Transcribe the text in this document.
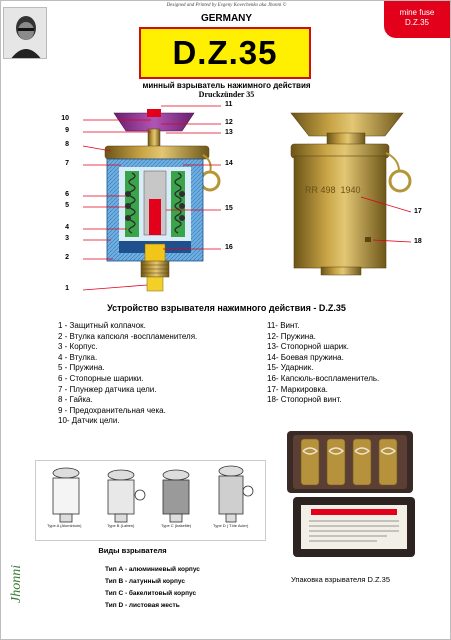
Designed and Printed by Evgeny Kovechenko aka Jhonni ©
GERMANY
mine fuse
D.Z.35
D.Z.35
минный взрыватель нажимного действия
Druckzünder 35
RR 498 1940
10
9
8
7
6
5
4
3
2
1
11
12
13
14
15
16
17
18
Устройство взрывателя нажимного действия - D.Z.35
1 - Защитный колпачок.
2 - Втулка капсюля -воспламенителя.
3 - Корпус.
4 - Втулка.
5 - Пружина.
6 - Стопорные шарики.
7 - Плунжер датчика цели.
8 - Гайка.
9 - Предохранительная чека.
10- Датчик цели.
11- Винт.
12- Пружина.
13- Стопорной шарик.
14- Боевая пружина.
15- Ударник.
16- Капсюль-воспламенитель.
17- Маркировка.
18- Стопорной винт.
Type A (Aluminium)	Type B (Latten)	Type C (bakelite)	Type D ( Tôle Acier)
Виды взрывателя
Тип А - алюминиевый корпус
Тип В - латунный корпус
Тип С - бакелитовый корпус
Тип D - листовая жесть
Упаковка взрывателя D.Z.35
Jhonni
